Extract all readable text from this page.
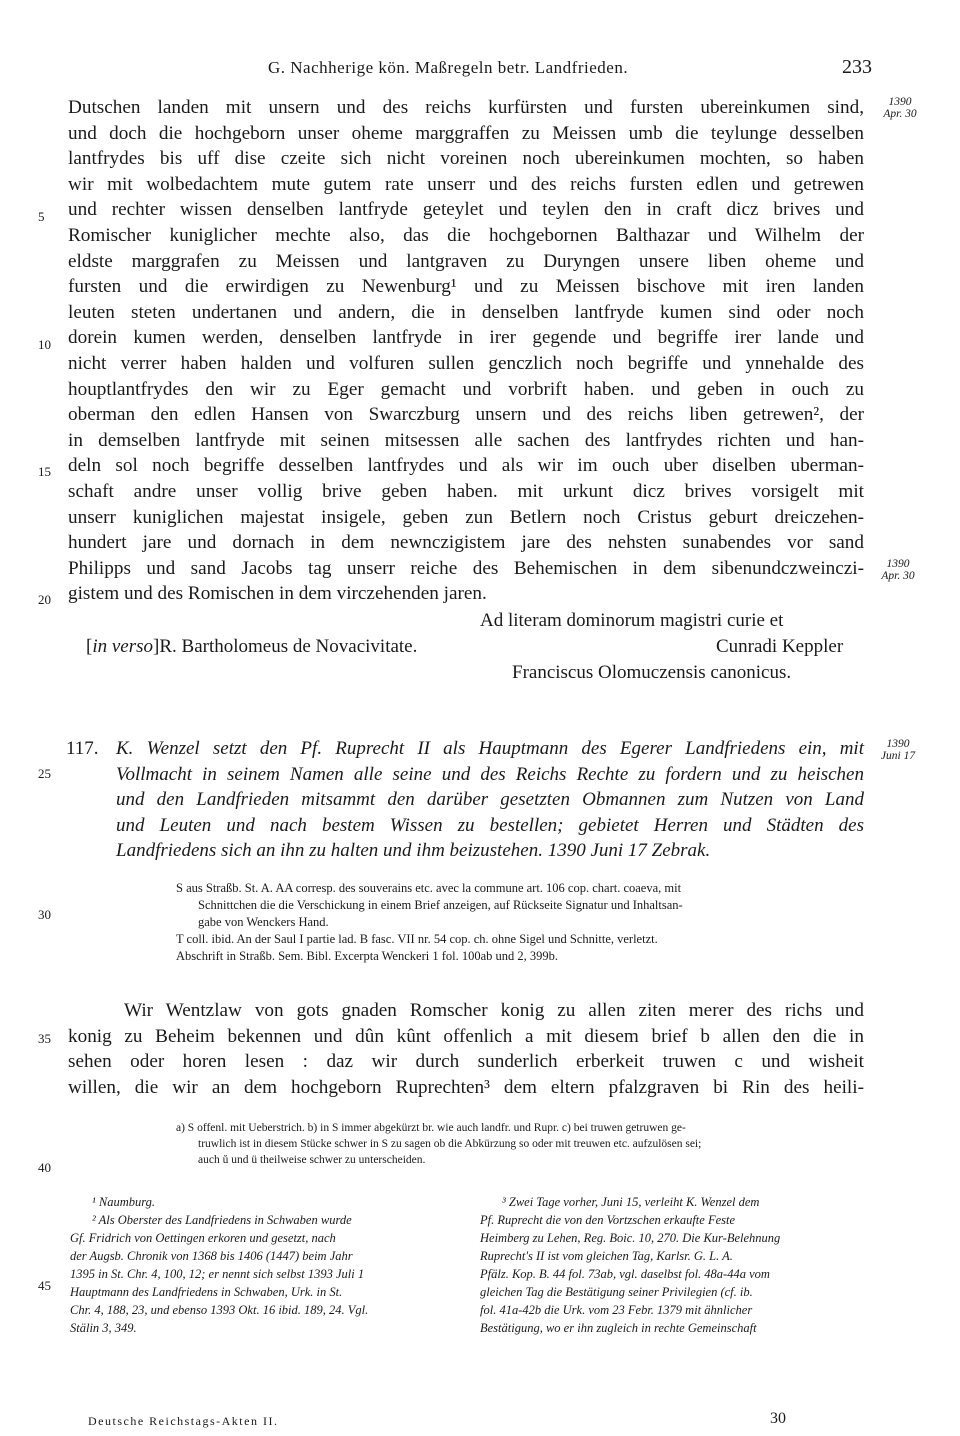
G. Nachherige kön. Maßregeln betr. Landfrieden.	233
1390
Apr. 30
1390
Apr. 30
1390
Juni 17
5
10
15
20
25
30
35
40
45
Dutschen landen mit unsern und des reichs kurfürsten und fursten ubereinkumen sind,
und doch die hochgeborn unser oheme marggraffen zu Meissen umb die teylunge desselben
lantfrydes bis uff dise czeite sich nicht voreinen noch ubereinkumen mochten, so haben
wir mit wolbedachtem mute gutem rate unserr und des reichs fursten edlen und getrewen
und rechter wissen denselben lantfryde geteylet und teylen den in craft dicz brives und
Romischer kuniglicher mechte also, das die hochgebornen Balthazar und Wilhelm der
eldste marggrafen zu Meissen und lantgraven zu Duryngen unsere liben oheme und
fursten und die erwirdigen zu Newenburg¹ und zu Meissen bischove mit iren landen
leuten steten undertanen und andern, die in denselben lantfryde kumen sind oder noch
dorein kumen werden, denselben lantfryde in irer gegende und begriffe irer lande und
nicht verrer haben halden und volfuren sullen genczlich noch begriffe und ynnehalde des
houptlantfrydes den wir zu Eger gemacht und vorbrift haben. und geben in ouch zu
oberman den edlen Hansen von Swarczburg unsern und des reichs liben getrewen², der
in demselben lantfryde mit seinen mitsessen alle sachen des lantfrydes richten und han-
deln sol noch begriffe desselben lantfrydes und als wir im ouch uber diselben uberman-
schaft andre unser vollig brive geben haben. mit urkunt dicz brives vorsigelt mit
unserr kuniglichen majestat insigele, geben zun Betlern noch Cristus geburt dreiczehen-
hundert jare und dornach in dem newnczigistem jare des nehsten sunabendes vor sand
Philipps und sand Jacobs tag unserr reiche des Behemischen in dem sibenundczweinczi-
gistem und des Romischen in dem virczehenden jaren.
Ad literam dominorum magistri curie et
[in verso]R. Bartholomeus de Novacivitate.	Cunradi Keppler
Franciscus Olomuczensis canonicus.
117. K. Wenzel setzt den Pf. Ruprecht II als Hauptmann des Egerer Landfriedens ein, mit
Vollmacht in seinem Namen alle seine und des Reichs Rechte zu fordern und zu heischen
und den Landfrieden mitsammt den darüber gesetzten Obmannen zum Nutzen von Land
und Leuten und nach bestem Wissen zu bestellen; gebietet Herren und Städten des
Landfriedens sich an ihn zu halten und ihm beizustehen. 1390 Juni 17 Zebrak.
S aus Straßb. St. A. AA corresp. des souverains etc. avec la commune art. 106 cop. chart. coaeva, mit
Schnittchen die die Verschickung in einem Brief anzeigen, auf Rückseite Signatur und Inhaltsan-
gabe von Wenckers Hand.
T coll. ibid. An der Saul I partie lad. B fasc. VII nr. 54 cop. ch. ohne Sigel und Schnitte, verletzt.
Abschrift in Straßb. Sem. Bibl. Excerpta Wenckeri 1 fol. 100ab und 2, 399b.
Wir Wentzlaw von gots gnaden Romscher konig zu allen ziten merer des richs und
konig zu Beheim bekennen und dûn kûnt offenlich a mit diesem brief b allen den die in
sehen oder horen lesen : daz wir durch sunderlich erberkeit truwen c und wisheit
willen, die wir an dem hochgeborn Ruprechten³ dem eltern pfalzgraven bi Rin des heili-
a) S offenl. mit Ueberstrich. b) in S immer abgekürzt br. wie auch landfr. und Rupr. c) bei truwen getruwen ge-
truwlich ist in diesem Stücke schwer in S zu sagen ob die Abkürzung so oder mit treuwen etc. aufzulösen sei;
auch ŭ und ü theilweise schwer zu unterscheiden.
¹ Naumburg.
² Als Oberster des Landfriedens in Schwaben wurde
Gf. Fridrich von Oettingen erkoren und gesetzt, nach
der Augsb. Chronik von 1368 bis 1406 (1447) beim Jahr
1395 in St. Chr. 4, 100, 12; er nennt sich selbst 1393 Juli 1
Hauptmann des Landfriedens in Schwaben, Urk. in St.
Chr. 4, 188, 23, und ebenso 1393 Okt. 16 ibid. 189, 24. Vgl.
Stälin 3, 349.
³ Zwei Tage vorher, Juni 15, verleiht K. Wenzel dem
Pf. Ruprecht die von den Vortzschen erkaufte Feste
Heimberg zu Lehen, Reg. Boic. 10, 270. Die Kur-Belehnung
Ruprecht's II ist vom gleichen Tag, Karlsr. G. L. A.
Pfälz. Kop. B. 44 fol. 73ab, vgl. daselbst fol. 48a-44a vom
gleichen Tag die Bestätigung seiner Privilegien (cf. ib.
fol. 41a-42b die Urk. vom 23 Febr. 1379 mit ähnlicher
Bestätigung, wo er ihn zugleich in rechte Gemeinschaft
Deutsche Reichstags-Akten II.	30
